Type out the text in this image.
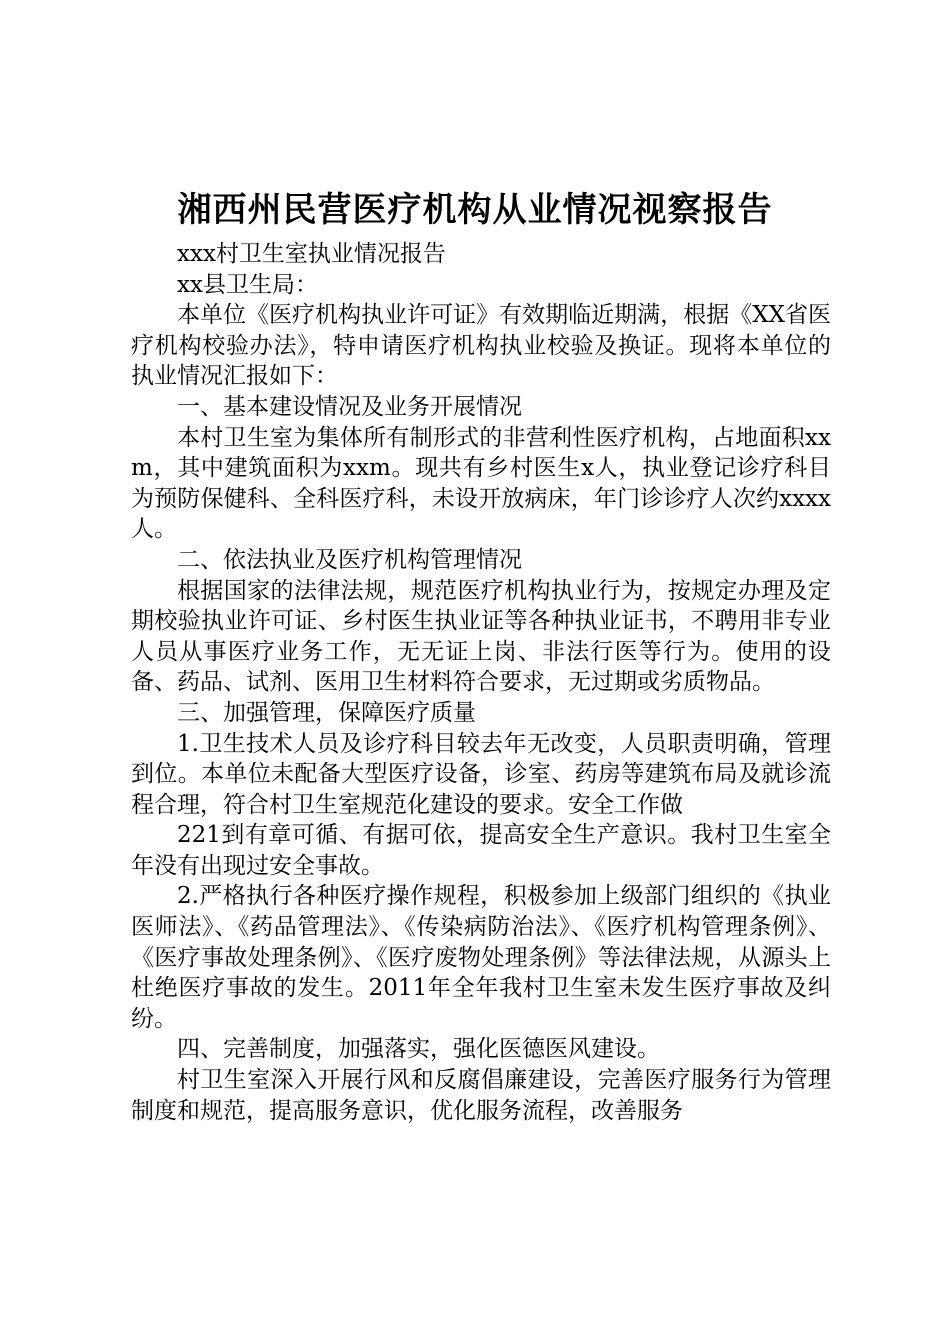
湘西州民营医疗机构从业情况视察报告

xxx村卫生室执业情况报告

xx县卫生局：

本单位《医疗机构执业许可证》有效期临近期满，根据《XX省医疗机构校验办法》，特申请医疗机构执业校验及换证。现将本单位的执业情况汇报如下：

一、基本建设情况及业务开展情况

本村卫生室为集体所有制形式的非营利性医疗机构，占地面积xxm，其中建筑面积为xxm。现共有乡村医生x人，执业登记诊疗科目为预防保健科、全科医疗科，未设开放病床，年门诊诊疗人次约xxxx人。

二、依法执业及医疗机构管理情况

根据国家的法律法规，规范医疗机构执业行为，按规定办理及定期校验执业许可证、乡村医生执业证等各种执业证书，不聘用非专业人员从事医疗业务工作，无无证上岗、非法行医等行为。使用的设备、药品、试剂、医用卫生材料符合要求，无过期或劣质物品。

三、加强管理，保障医疗质量

1.卫生技术人员及诊疗科目较去年无改变，人员职责明确，管理到位。本单位未配备大型医疗设备，诊室、药房等建筑布局及就诊流程合理，符合村卫生室规范化建设的要求。安全工作做

221到有章可循、有据可依，提高安全生产意识。我村卫生室全年没有出现过安全事故。

2.严格执行各种医疗操作规程，积极参加上级部门组织的《执业医师法》、《药品管理法》、《传染病防治法》、《医疗机构管理条例》、《医疗事故处理条例》、《医疗废物处理条例》等法律法规，从源头上杜绝医疗事故的发生。2011年全年我村卫生室未发生医疗事故及纠纷。

四、完善制度，加强落实，强化医德医风建设。

村卫生室深入开展行风和反腐倡廉建设，完善医疗服务行为管理制度和规范，提高服务意识，优化服务流程，改善服务
